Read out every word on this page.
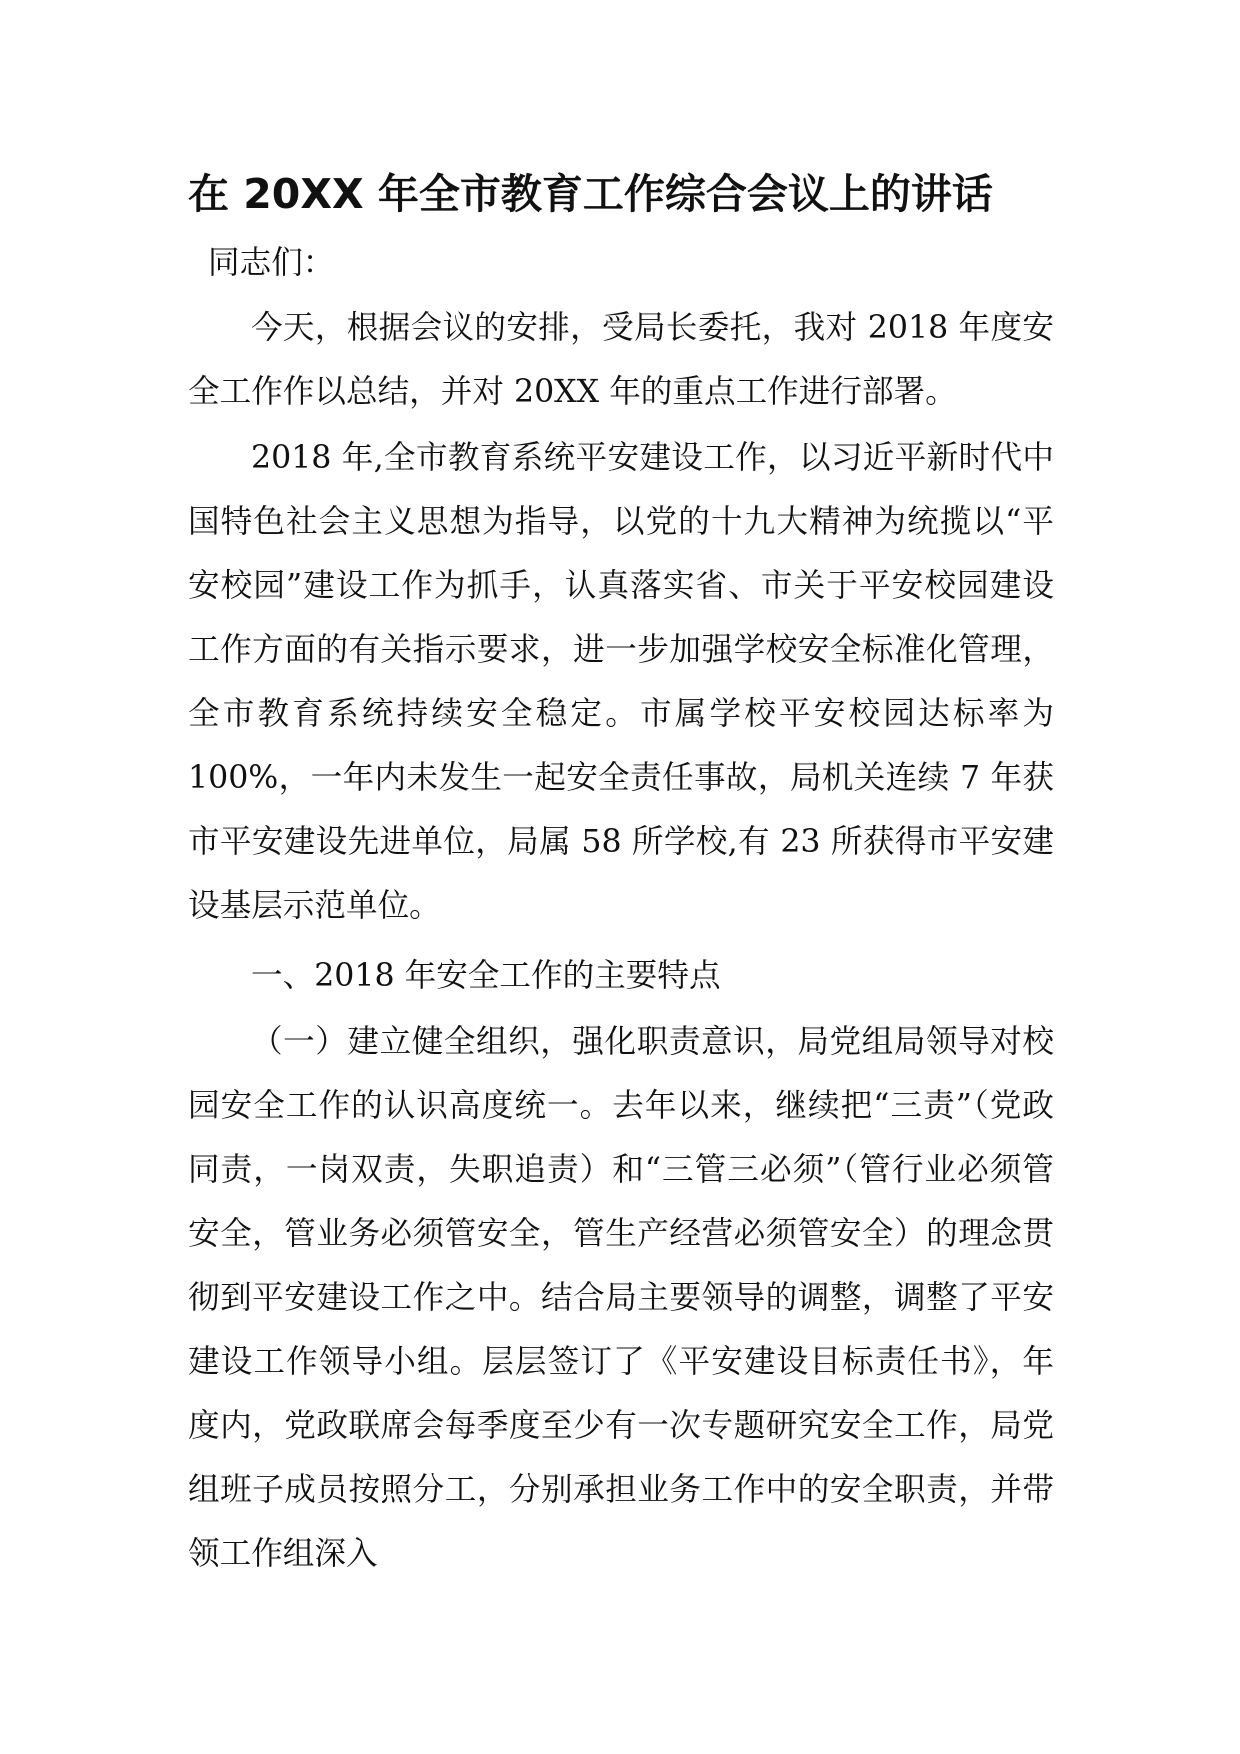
在 20XX 年全市教育工作综合会议上的讲话

同志们：

今天，根据会议的安排，受局长委托，我对 2018 年度安全工作作以总结，并对 20XX 年的重点工作进行部署。

2018 年,全市教育系统平安建设工作，以习近平新时代中国特色社会主义思想为指导，以党的十九大精神为统揽以“平安校园”建设工作为抓手，认真落实省、市关于平安校园建设工作方面的有关指示要求，进一步加强学校安全标准化管理，全市教育系统持续安全稳定。市属学校平安校园达标率为 100%，一年内未发生一起安全责任事故，局机关连续 7 年获市平安建设先进单位，局属 58 所学校,有 23 所获得市平安建设基层示范单位。

一、2018 年安全工作的主要特点

（一）建立健全组织，强化职责意识，局党组局领导对校园安全工作的认识高度统一。去年以来，继续把“三责”（党政同责，一岗双责，失职追责）和“三管三必须”（管行业必须管安全，管业务必须管安全，管生产经营必须管安全）的理念贯彻到平安建设工作之中。结合局主要领导的调整，调整了平安建设工作领导小组。层层签订了《平安建设目标责任书》，年度内，党政联席会每季度至少有一次专题研究安全工作，局党组班子成员按照分工，分别承担业务工作中的安全职责，并带领工作组深入
